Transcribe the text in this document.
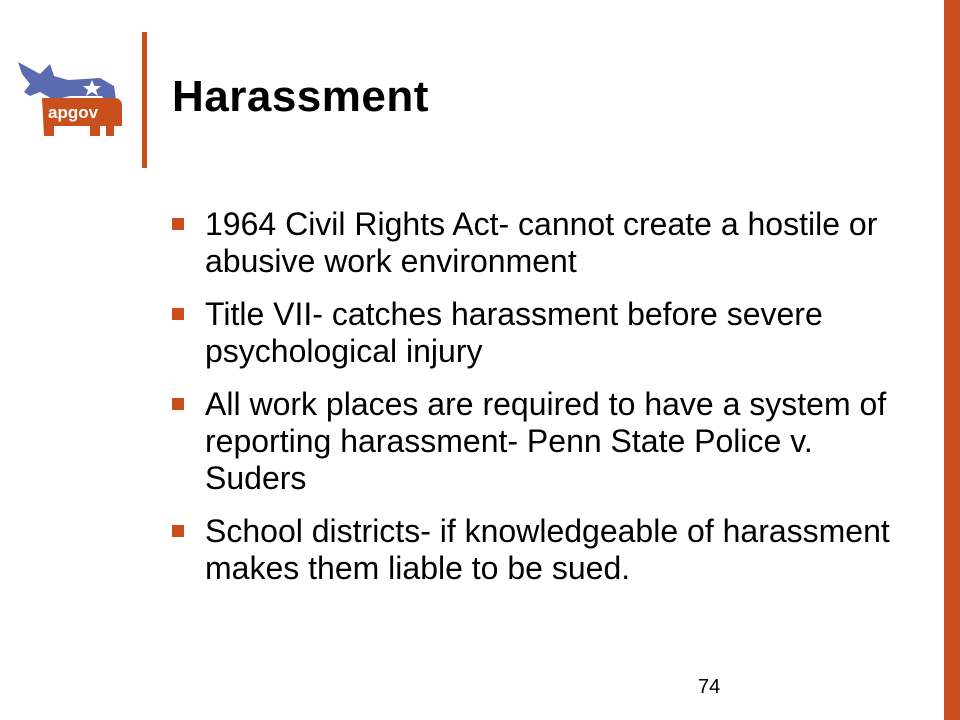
apgov Harassment
1964 Civil Rights Act- cannot create a hostile or abusive work environment
Title VII- catches harassment before severe psychological injury
All work places are required to have a system of reporting harassment- Penn State Police v. Suders
School districts- if knowledgeable of harassment makes them liable to be sued.
74
